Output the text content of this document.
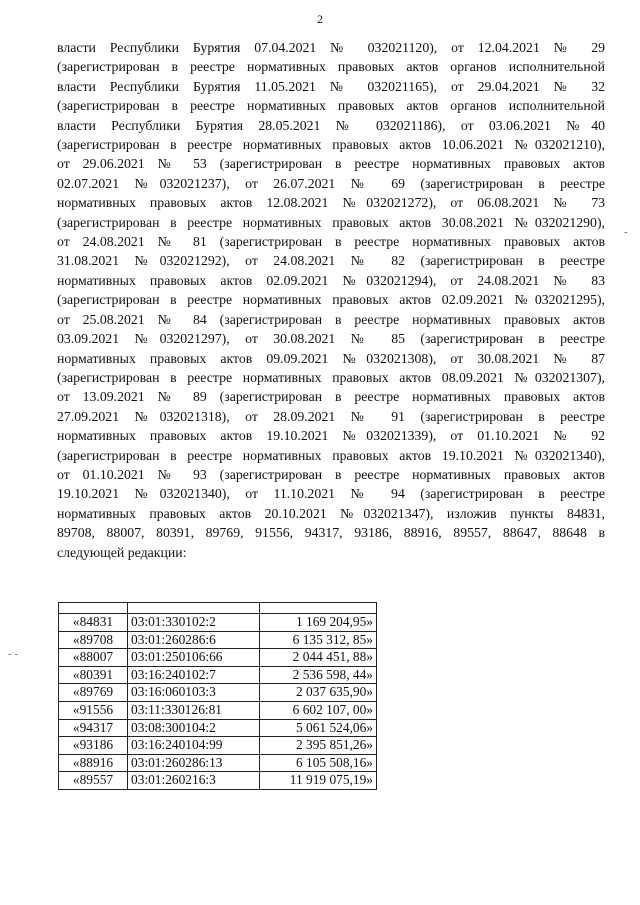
2
власти Республики Бурятия 07.04.2021 № 032021120), от 12.04.2021 № 29
(зарегистрирован в реестре нормативных правовых актов органов исполнительной
власти Республики Бурятия 11.05.2021 № 032021165), от 29.04.2021 № 32
(зарегистрирован в реестре нормативных правовых актов органов исполнительной
власти Республики Бурятия 28.05.2021 № 032021186), от 03.06.2021 №40
(зарегистрирован в реестре нормативных правовых актов 10.06.2021 №032021210),
от 29.06.2021 № 53 (зарегистрирован в реестре нормативных правовых актов
02.07.2021 №032021237), от 26.07.2021 № 69 (зарегистрирован в реестре
нормативных правовых актов 12.08.2021 №032021272), от 06.08.2021 № 73
(зарегистрирован в реестре нормативных правовых актов 30.08.2021 №032021290),
от 24.08.2021 № 81 (зарегистрирован в реестре нормативных правовых актов
31.08.2021 №032021292), от 24.08.2021 № 82 (зарегистрирован в реестре
нормативных правовых актов 02.09.2021 №032021294), от 24.08.2021 № 83
(зарегистрирован в реестре нормативных правовых актов 02.09.2021 №032021295),
от 25.08.2021 № 84 (зарегистрирован в реестре нормативных правовых актов
03.09.2021 №032021297), от 30.08.2021 № 85 (зарегистрирован в реестре
нормативных правовых актов 09.09.2021 №032021308), от 30.08.2021 № 87
(зарегистрирован в реестре нормативных правовых актов 08.09.2021 №032021307),
от 13.09.2021 № 89 (зарегистрирован в реестре нормативных правовых актов
27.09.2021 №032021318), от 28.09.2021 № 91 (зарегистрирован в реестре
нормативных правовых актов 19.10.2021 №032021339), от 01.10.2021 № 92
(зарегистрирован в реестре нормативных правовых актов 19.10.2021 №032021340),
от 01.10.2021 № 93 (зарегистрирован в реестре нормативных правовых актов
19.10.2021 №032021340), от 11.10.2021 № 94 (зарегистрирован в реестре
нормативных правовых актов 20.10.2021 №032021347), изложив пункты 84831,
89708, 88007, 80391, 89769, 91556, 94317, 93186, 88916, 89557, 88647, 88648 в
следующей редакции:

«84831	03:01:330102:2	1 169 204,95»
«89708	03:01:260286:6	6 135 312, 85»
«88007	03:01:250106:66	2 044 451, 88»
«80391	03:16:240102:7	2 536 598, 44»
«89769	03:16:060103:3	2 037 635,90»
«91556	03:11:330126:81	6 602 107, 00»
«94317	03:08:300104:2	5 061 524,06»
«93186	03:16:240104:99	2 395 851,26»
«88916	03:01:260286:13	6 105 508,16»
«89557	03:01:260216:3	11 919 075,19»
- -
-
